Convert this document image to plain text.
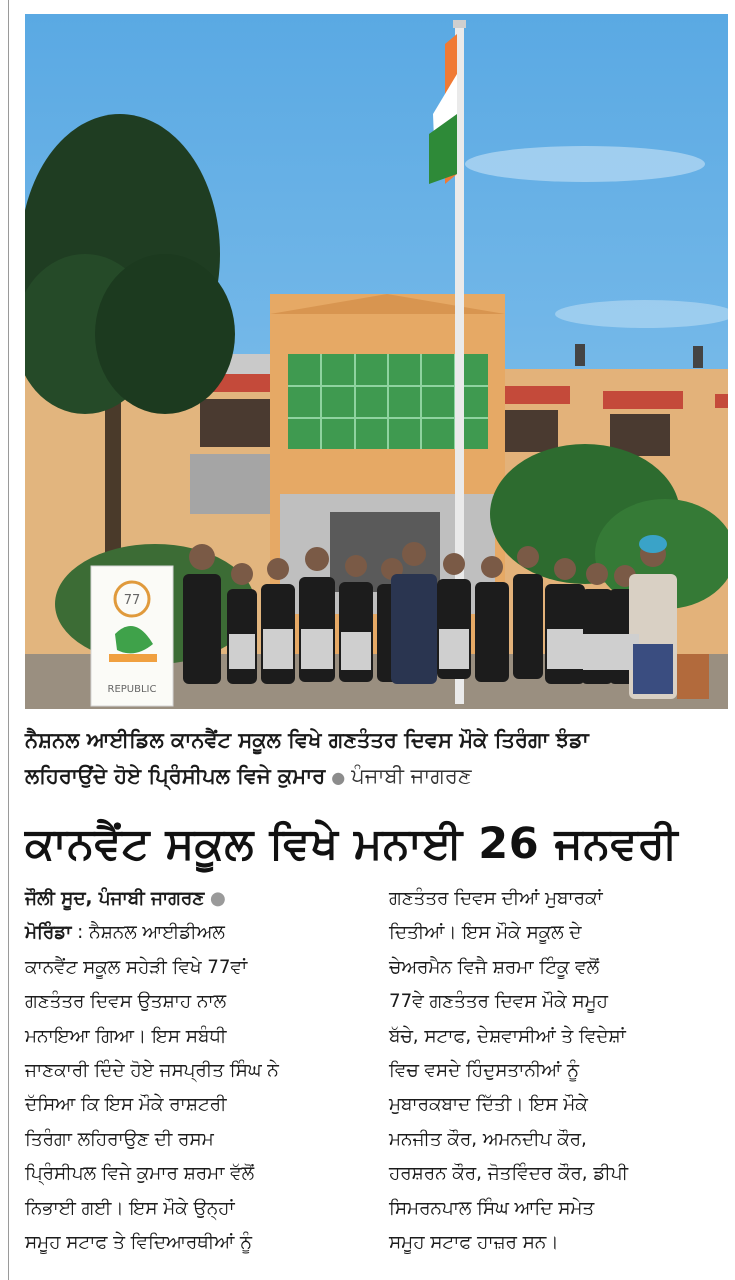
77
REPUBLIC
ਨੈਸ਼ਨਲ ਆਈਡਿਲ ਕਾਨਵੈਂਟ ਸਕੂਲ ਵਿਖੇ ਗਣਤੰਤਰ ਦਿਵਸ ਮੌਕੇ ਤਿਰੰਗਾ ਝੰਡਾ
ਲਹਿਰਾਉਂਦੇ ਹੋਏ ਪ੍ਰਿੰਸੀਪਲ ਵਿਜੇ ਕੁਮਾਰ ● ਪੰਜਾਬੀ ਜਾਗਰਣ
ਕਾਨਵੈਂਟ ਸਕੂਲ ਵਿਖੇ ਮਨਾਈ 26 ਜਨਵਰੀ
ਜੌਲੀ ਸੂਦ, ਪੰਜਾਬੀ ਜਾਗਰਣ ●
ਮੋਰਿੰਡਾ : ਨੈਸ਼ਨਲ ਆਈਡੀਅਲ
ਕਾਨਵੈਂਟ ਸਕੂਲ ਸਹੇੜੀ ਵਿਖੇ 77ਵਾਂ
ਗਣਤੰਤਰ ਦਿਵਸ ਉਤਸ਼ਾਹ ਨਾਲ
ਮਨਾਇਆ ਗਿਆ। ਇਸ ਸਬੰਧੀ
ਜਾਣਕਾਰੀ ਦਿੰਦੇ ਹੋਏ ਜਸਪ੍ਰੀਤ ਸਿੰਘ ਨੇ
ਦੱਸਿਆ ਕਿ ਇਸ ਮੌਕੇ ਰਾਸ਼ਟਰੀ
ਤਿਰੰਗਾ ਲਹਿਰਾਉਣ ਦੀ ਰਸਮ
ਪ੍ਰਿੰਸੀਪਲ ਵਿਜੇ ਕੁਮਾਰ ਸ਼ਰਮਾ ਵੱਲੋਂ
ਨਿਭਾਈ ਗਈ। ਇਸ ਮੌਕੇ ਉਨ੍ਹਾਂ
ਸਮੂਹ ਸਟਾਫ ਤੇ ਵਿਦਿਆਰਥੀਆਂ ਨੂੰ
ਗਣਤੰਤਰ ਦਿਵਸ ਦੀਆਂ ਮੁਬਾਰਕਾਂ
ਦਿਤੀਆਂ। ਇਸ ਮੌਕੇ ਸਕੂਲ ਦੇ
ਚੇਅਰਮੈਨ ਵਿਜੈ ਸ਼ਰਮਾ ਟਿੰਕੂ ਵਲੋਂ
77ਵੇ ਗਣਤੰਤਰ ਦਿਵਸ ਮੌਕੇ ਸਮੂਹ
ਬੱਚੇ, ਸਟਾਫ, ਦੇਸ਼ਵਾਸੀਆਂ ਤੇ ਵਿਦੇਸ਼ਾਂ
ਵਿਚ ਵਸਦੇ ਹਿੰਦੁਸਤਾਨੀਆਂ ਨੂੰ
ਮੁਬਾਰਕਬਾਦ ਦਿੱਤੀ। ਇਸ ਮੌਕੇ
ਮਨਜੀਤ ਕੌਰ, ਅਮਨਦੀਪ ਕੌਰ,
ਹਰਸ਼ਰਨ ਕੌਰ, ਜੋਤਵਿੰਦਰ ਕੌਰ, ਡੀਪੀ
ਸਿਮਰਨਪਾਲ ਸਿੰਘ ਆਦਿ ਸਮੇਤ
ਸਮੂਹ ਸਟਾਫ ਹਾਜ਼ਰ ਸਨ।
